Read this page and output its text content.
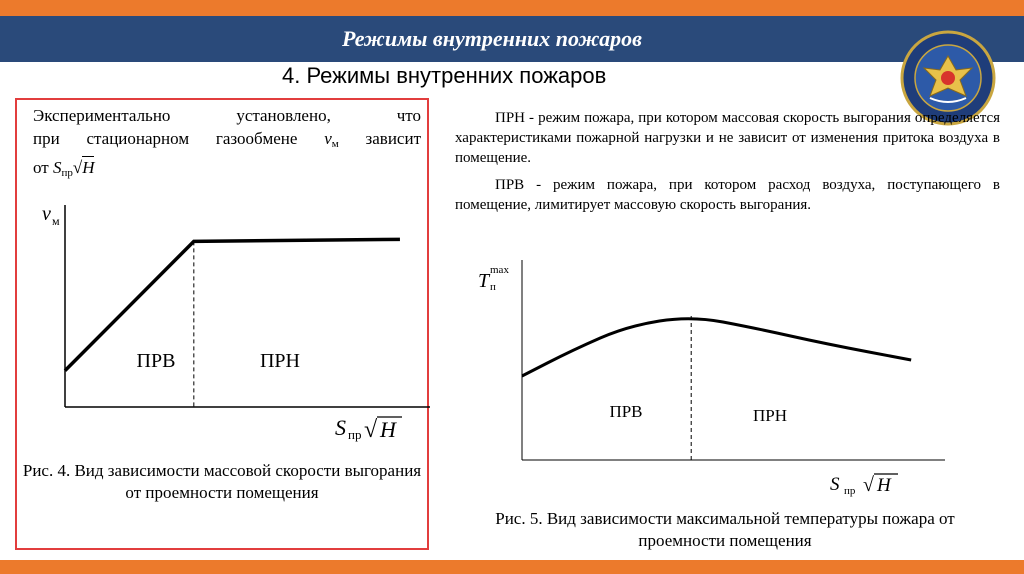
Режимы внутренних пожаров
4. Режимы внутренних пожаров
Экспериментально установлено, что
при стационарном газообмене $v_м$ зависит
от $S_{пр}√H$
ПРВ	ПРН
v м
S пр √ H
Рис. 4. Вид зависимости массовой скорости выгорания от проемности помещения

ПРН - режим пожара, при котором массовая скорость выгорания определяется характеристиками пожарной нагрузки и не зависит от изменения притока воздуха в помещение.

ПРВ - режим пожара, при котором расход воздуха, поступающего в помещение, лимитирует массовую скорость выгорания.

ПРВ	ПРН
T п
max
S пр √ H
Рис. 5. Вид зависимости максимальной температуры пожара от проемности помещения
